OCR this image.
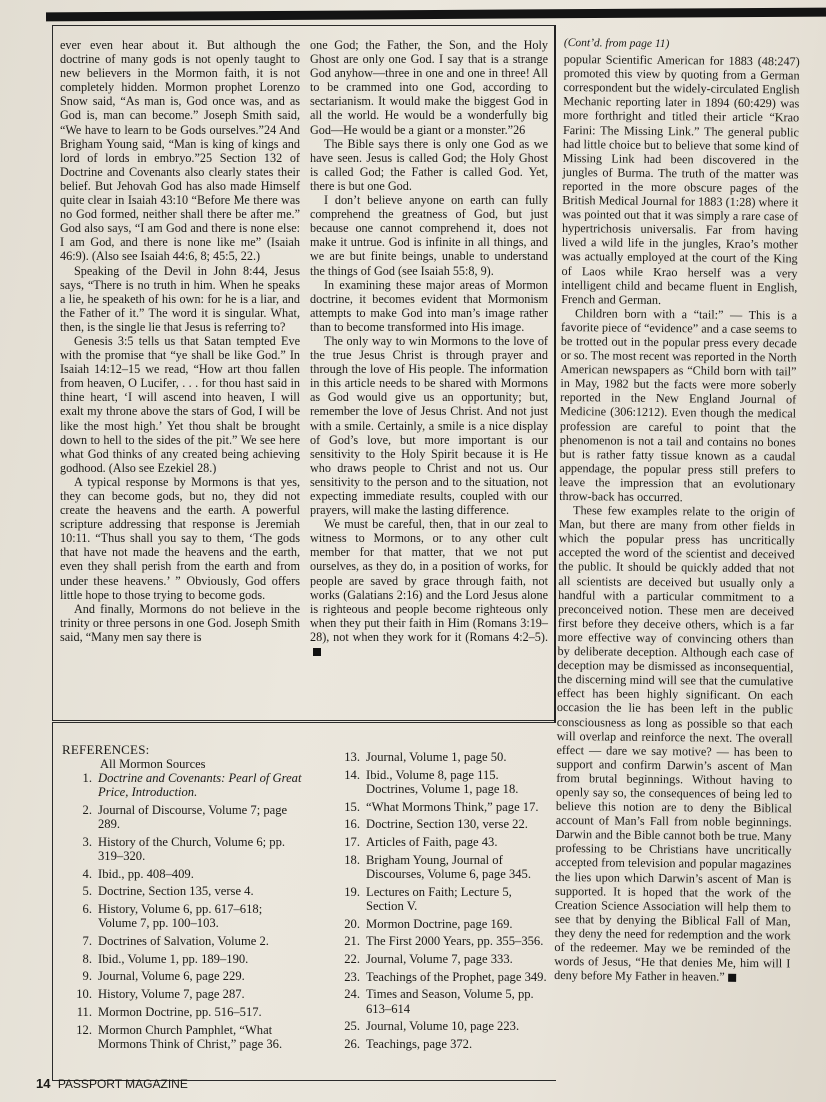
ever even hear about it. But although the doctrine of many gods is not openly taught to new believers in the Mormon faith, it is not completely hidden. Mormon prophet Lorenzo Snow said, “As man is, God once was, and as God is, man can become.” Joseph Smith said, “We have to learn to be Gods ourselves.”24 And Brigham Young said, “Man is king of kings and lord of lords in embryo.”25 Section 132 of Doctrine and Covenants also clearly states their belief. But Jehovah God has also made Himself quite clear in Isaiah 43:10 “Before Me there was no God formed, neither shall there be after me.” God also says, “I am God and there is none else: I am God, and there is none like me” (Isaiah 46:9). (Also see Isaiah 44:6, 8; 45:5, 22.)

Speaking of the Devil in John 8:44, Jesus says, “There is no truth in him. When he speaks a lie, he speaketh of his own: for he is a liar, and the Father of it.” The word it is singular. What, then, is the single lie that Jesus is referring to?

Genesis 3:5 tells us that Satan tempted Eve with the promise that “ye shall be like God.” In Isaiah 14:12–15 we read, “How art thou fallen from heaven, O Lucifer, . . . for thou hast said in thine heart, ‘I will ascend into heaven, I will exalt my throne above the stars of God, I will be like the most high.’ Yet thou shalt be brought down to hell to the sides of the pit.” We see here what God thinks of any created being achieving godhood. (Also see Ezekiel 28.)

A typical response by Mormons is that yes, they can become gods, but no, they did not create the heavens and the earth. A powerful scripture addressing that response is Jeremiah 10:11. “Thus shall you say to them, ‘The gods that have not made the heavens and the earth, even they shall perish from the earth and from under these heavens.’ ” Obviously, God offers little hope to those trying to become gods.

And finally, Mormons do not believe in the trinity or three persons in one God. Joseph Smith said, “Many men say there is

one God; the Father, the Son, and the Holy Ghost are only one God. I say that is a strange God anyhow—three in one and one in three! All to be crammed into one God, according to sectarianism. It would make the biggest God in all the world. He would be a wonderfully big God—He would be a giant or a monster.”26

The Bible says there is only one God as we have seen. Jesus is called God; the Holy Ghost is called God; the Father is called God. Yet, there is but one God.

I don’t believe anyone on earth can fully comprehend the greatness of God, but just because one cannot comprehend it, does not make it untrue. God is infinite in all things, and we are but finite beings, unable to understand the things of God (see Isaiah 55:8, 9).

In examining these major areas of Mormon doctrine, it becomes evident that Mormonism attempts to make God into man’s image rather than to become transformed into His image.

The only way to win Mormons to the love of the true Jesus Christ is through prayer and through the love of His people. The information in this article needs to be shared with Mormons as God would give us an opportunity; but, remember the love of Jesus Christ. And not just with a smile. Certainly, a smile is a nice display of God’s love, but more important is our sensitivity to the Holy Spirit because it is He who draws people to Christ and not us. Our sensitivity to the person and to the situation, not expecting immediate results, coupled with our prayers, will make the lasting difference.

We must be careful, then, that in our zeal to witness to Mormons, or to any other cult member for that matter, that we not put ourselves, as they do, in a position of works, for people are saved by grace through faith, not works (Galatians 2:16) and the Lord Jesus alone is righteous and people become righteous only when they put their faith in Him (Romans 3:19–28), not when they work for it (Romans 4:2–5).

(Cont’d. from page 11)

popular Scientific American for 1883 (48:247) promoted this view by quoting from a German correspondent but the widely-circulated English Mechanic reporting later in 1894 (60:429) was more forthright and titled their article “Krao Farini: The Missing Link.” The general public had little choice but to believe that some kind of Missing Link had been discovered in the jungles of Burma. The truth of the matter was reported in the more obscure pages of the British Medical Journal for 1883 (1:28) where it was pointed out that it was simply a rare case of hypertrichosis universalis. Far from having lived a wild life in the jungles, Krao’s mother was actually employed at the court of the King of Laos while Krao herself was a very intelligent child and became fluent in English, French and German.

Children born with a “tail:” — This is a favorite piece of “evidence” and a case seems to be trotted out in the popular press every decade or so. The most recent was reported in the North American newspapers as “Child born with tail” in May, 1982 but the facts were more soberly reported in the New England Journal of Medicine (306:1212). Even though the medical profession are careful to point that the phenomenon is not a tail and contains no bones but is rather fatty tissue known as a caudal appendage, the popular press still prefers to leave the impression that an evolutionary throw-back has occurred.

These few examples relate to the origin of Man, but there are many from other fields in which the popular press has uncritically accepted the word of the scientist and deceived the public. It should be quickly added that not all scientists are deceived but usually only a handful with a particular commitment to a preconceived notion. These men are deceived first before they deceive others, which is a far more effective way of convincing others than by deliberate deception. Although each case of deception may be dismissed as inconsequential, the discerning mind will see that the cumulative effect has been highly significant. On each occasion the lie has been left in the public consciousness as long as possible so that each will overlap and reinforce the next. The overall effect — dare we say motive? — has been to support and confirm Darwin’s ascent of Man from brutal beginnings. Without having to openly say so, the consequences of being led to believe this notion are to deny the Biblical account of Man’s Fall from noble beginnings. Darwin and the Bible cannot both be true. Many professing to be Christians have uncritically accepted from television and popular magazines the lies upon which Darwin’s ascent of Man is supported. It is hoped that the work of the Creation Science Association will help them to see that by denying the Biblical Fall of Man, they deny the need for redemption and the work of the redeemer. May we be reminded of the words of Jesus, “He that denies Me, him will I deny before My Father in heaven.”

REFERENCES:
All Mormon Sources
1. Doctrine and Covenants: Pearl of Great Price, Introduction.
2. Journal of Discourse, Volume 7; page 289.
3. History of the Church, Volume 6; pp. 319–320.
4. Ibid., pp. 408–409.
5. Doctrine, Section 135, verse 4.
6. History, Volume 6, pp. 617–618; Volume 7, pp. 100–103.
7. Doctrines of Salvation, Volume 2.
8. Ibid., Volume 1, pp. 189–190.
9. Journal, Volume 6, page 229.
10. History, Volume 7, page 287.
11. Mormon Doctrine, pp. 516–517.
12. Mormon Church Pamphlet, “What Mormons Think of Christ,” page 36.
13. Journal, Volume 1, page 50.
14. Ibid., Volume 8, page 115. Doctrines, Volume 1, page 18.
15. “What Mormons Think,” page 17.
16. Doctrine, Section 130, verse 22.
17. Articles of Faith, page 43.
18. Brigham Young, Journal of Discourses, Volume 6, page 345.
19. Lectures on Faith; Lecture 5, Section V.
20. Mormon Doctrine, page 169.
21. The First 2000 Years, pp. 355–356.
22. Journal, Volume 7, page 333.
23. Teachings of the Prophet, page 349.
24. Times and Season, Volume 5, pp. 613–614
25. Journal, Volume 10, page 223.
26. Teachings, page 372.
14 PASSPORT MAGAZINE
